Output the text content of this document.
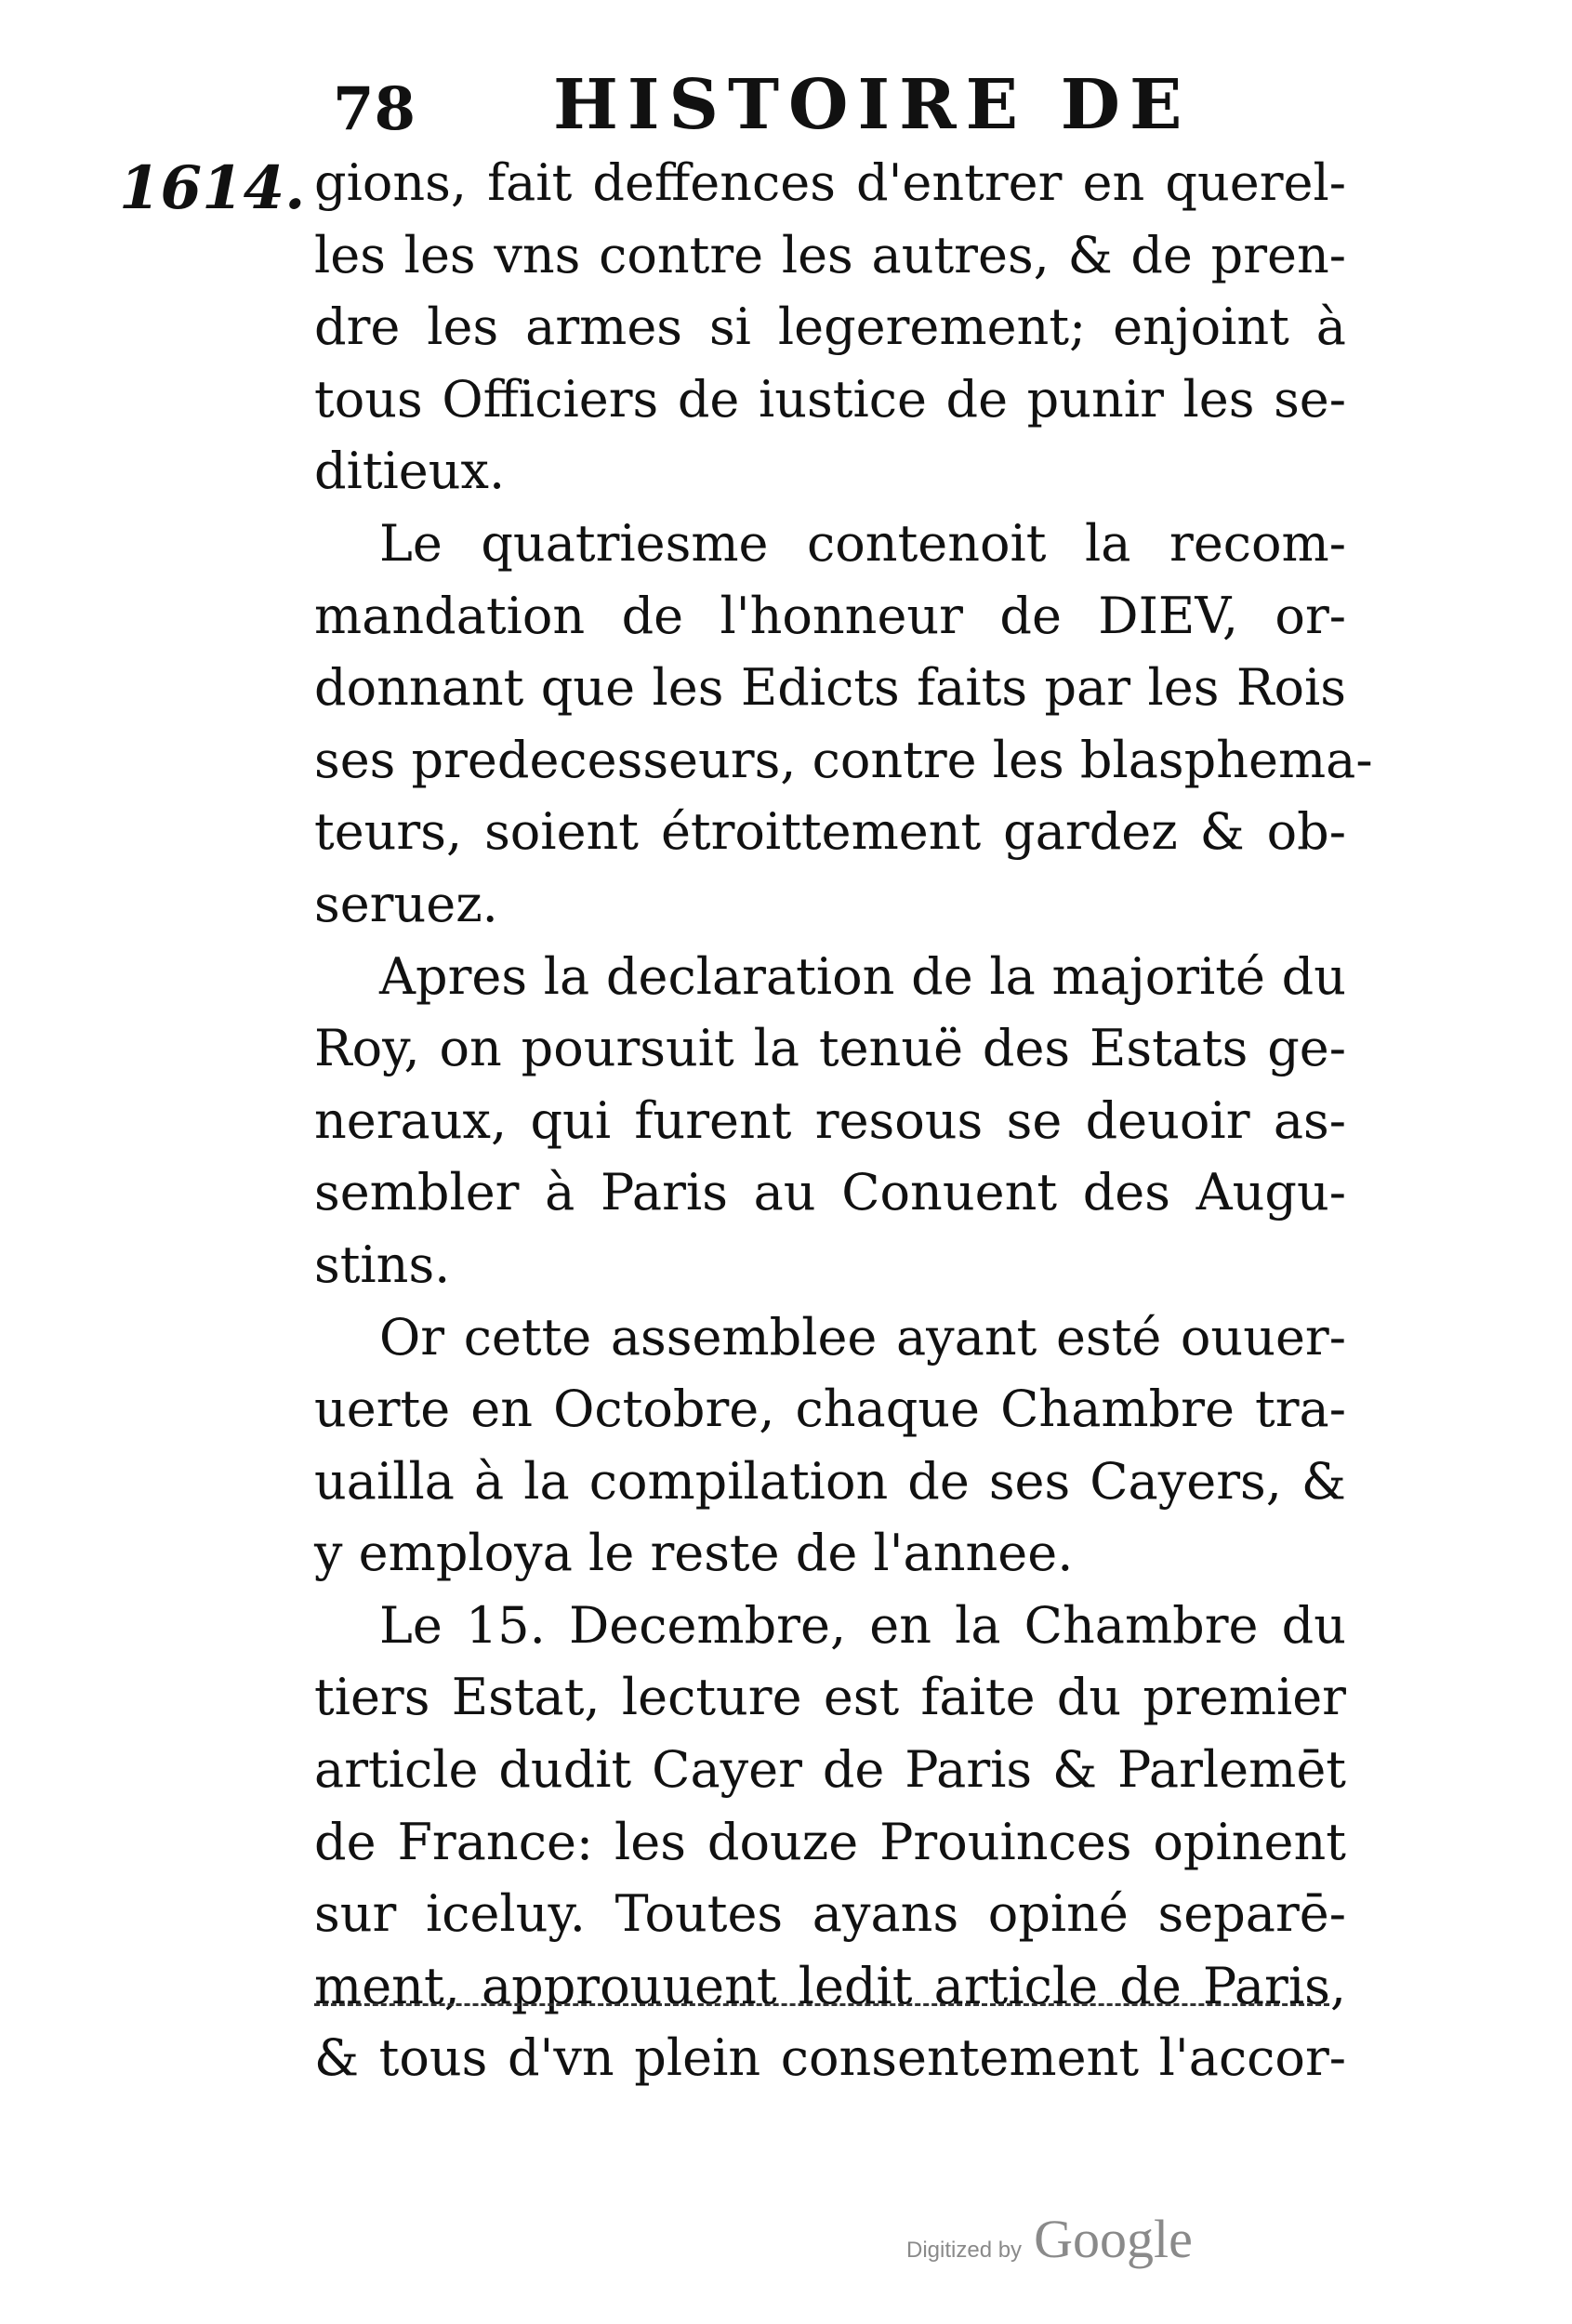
78 HISTOIRE DE
1614. gions, fait deffences d'entrer en querel-
les les vns contre les autres, & de pren-
dre les armes si legerement; enjoint à
tous Officiers de iustice de punir les se-
ditieux.
Le quatriesme contenoit la recom-
mandation de l'honneur de DIEV, or-
donnant que les Edicts faits par les Rois
ses predecesseurs, contre les blasphema-
teurs, soient étroittement gardez & ob-
seruez.
Apres la declaration de la majorité du
Roy, on poursuit la tenuë des Estats ge-
neraux, qui furent resous se deuoir as-
sembler à Paris au Conuent des Augu-
stins.
Or cette assemblee ayant esté ouuer-
uerte en Octobre, chaque Chambre tra-
uailla à la compilation de ses Cayers, &
y employa le reste de l'annee.
Le 15. Decembre, en la Chambre du
tiers Estat, lecture est faite du premier
article dudit Cayer de Paris & Parlemēt
de France: les douze Prouinces opinent
sur iceluy. Toutes ayans opiné separē-
ment, approuuent ledit article de Paris,
& tous d'vn plein consentement l'accor-
Digitized by Google
